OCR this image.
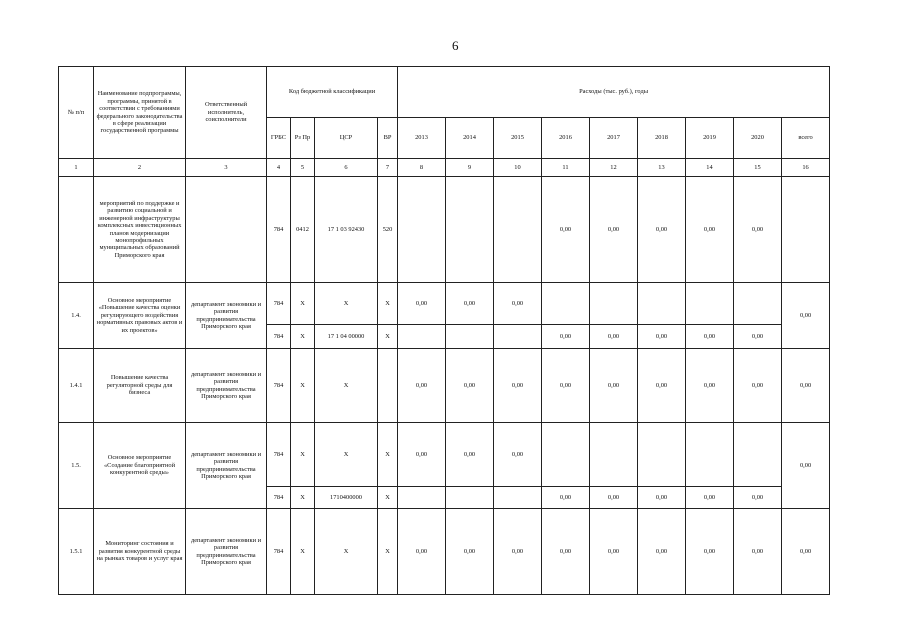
6
№ п/п	Наименование подпрограммы, программы, принятой в соответствии с требованиями федерального законодательства в сфере реализации государственной программы	Ответственный исполнитель, соисполнители	Код бюджетной классификации				Расходы (тыс. руб.), годы								
			ГРБС	Рз Пр	ЦСР	ВР	2013	2014	2015	2016	2017	2018	2019	2020	всего
1	2	3	4	5	6	7	8	9	10	11	12	13	14	15	16
	мероприятий по поддержке и развитию социальной и инженерной инфраструктуры комплексных инвестиционных планов модернизации монопрофильных муниципальных образований Приморского края		784	0412	17 1 03 92430	520				0,00	0,00	0,00	0,00	0,00	
1.4.	Основное мероприятие «Повышение качества оценки регулирующего воздействия нормативных правовых актов и их проектов»	департамент экономики и развития предпринимательства Приморского края	784	X	X	X	0,00	0,00	0,00						0,00
			784	X	17 1 04 00000	X				0,00	0,00	0,00	0,00	0,00	
1.4.1	Повышение качества регуляторной среды для бизнеса	департамент экономики и развития предпринимательства Приморского края	784	X	X		0,00	0,00	0,00	0,00	0,00	0,00	0,00	0,00	0,00
1.5.	Основное мероприятие «Создание благоприятной конкурентной среды»	департамент экономики и развития предпринимательства Приморского края	784	X	X	X	0,00	0,00	0,00						0,00
			784	X	1710400000	X				0,00	0,00	0,00	0,00	0,00	
1.5.1	Мониторинг состояния и развития конкурентной среды на рынках товаров и услуг края	департамент экономики и развития предпринимательства Приморского края	784	X	X	X	0,00	0,00	0,00	0,00	0,00	0,00	0,00	0,00	0,00
